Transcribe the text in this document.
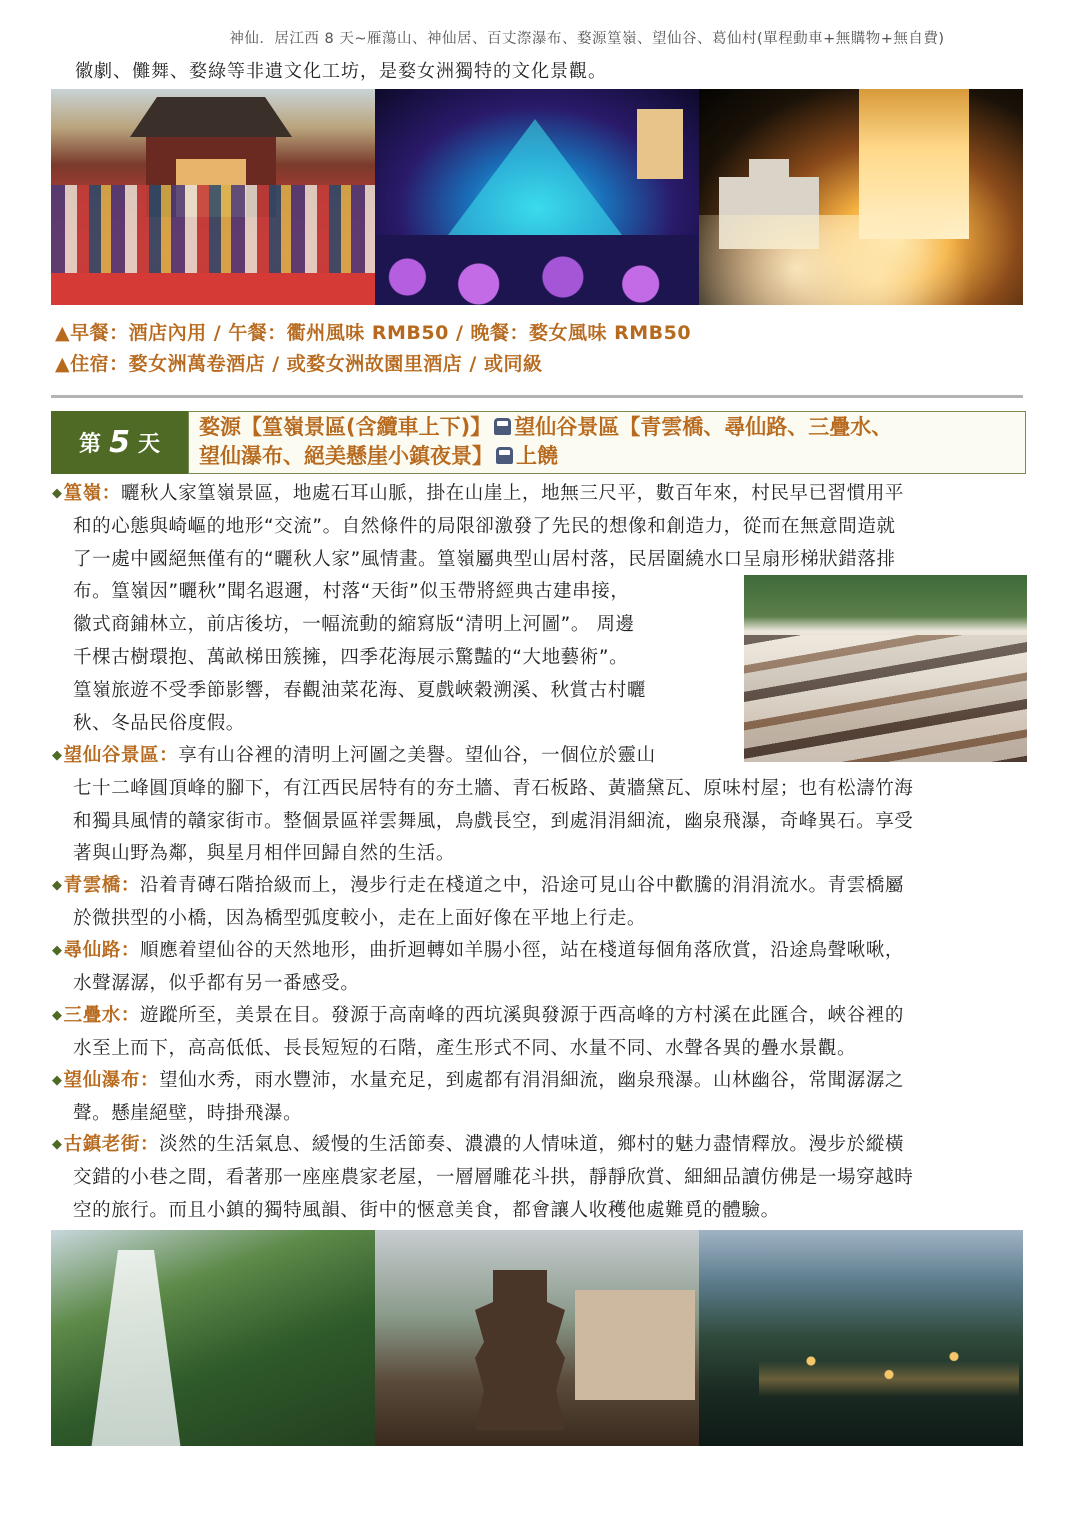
神仙．居江西 8 天~雁蕩山、神仙居、百丈漈瀑布、婺源篁嶺、望仙谷、葛仙村(單程動車+無購物+無自費)
徽劇、儺舞、婺綠等非遺文化工坊，是婺女洲獨特的文化景觀。
▲早餐：酒店內用 / 午餐：衢州風味 RMB50 / 晚餐：婺女風味 RMB50
▲住宿：婺女洲萬卷酒店 / 或婺女洲故園里酒店 / 或同級
第 5 天
婺源【篁嶺景區(含纜車上下)】 望仙谷景區【青雲橋、尋仙路、三疊水、
望仙瀑布、絕美懸崖小鎮夜景】 上饒
◆篁嶺：曬秋人家篁嶺景區，地處石耳山脈，掛在山崖上，地無三尺平，數百年來，村民早已習慣用平
和的心態與崎嶇的地形“交流”。自然條件的局限卻激發了先民的想像和創造力，從而在無意間造就
了一處中國絕無僅有的“曬秋人家”風情畫。篁嶺屬典型山居村落，民居圍繞水口呈扇形梯狀錯落排
布。篁嶺因”曬秋”聞名遐邇，村落“天街”似玉帶將經典古建串接，
徽式商鋪林立，前店後坊，一幅流動的縮寫版“清明上河圖”。 周邊
千棵古樹環抱、萬畝梯田簇擁，四季花海展示驚豔的“大地藝術”。
篁嶺旅遊不受季節影響，春觀油菜花海、夏戲峽穀溯溪、秋賞古村曬
秋、冬品民俗度假。
◆望仙谷景區：享有山谷裡的清明上河圖之美譽。望仙谷，一個位於靈山
七十二峰圓頂峰的腳下，有江西民居特有的夯土牆、青石板路、黃牆黛瓦、原味村屋；也有松濤竹海
和獨具風情的贛家街市。整個景區祥雲舞風，鳥戲長空，到處涓涓細流，幽泉飛瀑，奇峰異石。享受
著與山野為鄰，與星月相伴回歸自然的生活。
◆青雲橋：沿着青磚石階拾級而上，漫步行走在棧道之中，沿途可見山谷中歡騰的涓涓流水。青雲橋屬
於微拱型的小橋，因為橋型弧度較小，走在上面好像在平地上行走。
◆尋仙路：順應着望仙谷的天然地形，曲折迴轉如羊腸小徑，站在棧道每個角落欣賞，沿途鳥聲啾啾，
水聲潺潺，似乎都有另一番感受。
◆三疊水：遊蹤所至，美景在目。發源于高南峰的西坑溪與發源于西高峰的方村溪在此匯合，峽谷裡的
水至上而下，高高低低、長長短短的石階，產生形式不同、水量不同、水聲各異的疊水景觀。
◆望仙瀑布：望仙水秀，雨水豐沛，水量充足，到處都有涓涓細流，幽泉飛瀑。山林幽谷，常聞潺潺之
聲。懸崖絕壁，時掛飛瀑。
◆古鎮老街：淡然的生活氣息、緩慢的生活節奏、濃濃的人情味道，鄉村的魅力盡情釋放。漫步於縱橫
交錯的小巷之間，看著那一座座農家老屋，一層層雕花斗拱，靜靜欣賞、細細品讀仿佛是一場穿越時
空的旅行。而且小鎮的獨特風韻、街中的愜意美食，都會讓人收穫他處難覓的體驗。
